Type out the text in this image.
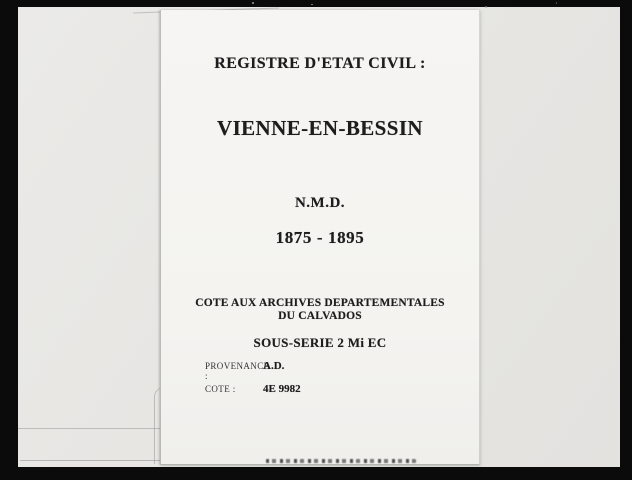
REGISTRE D'ETAT CIVIL :
VIENNE-EN-BESSIN
N.M.D.
1875 - 1895
COTE AUX ARCHIVES DEPARTEMENTALES
DU CALVADOS
SOUS-SERIE 2 Mi EC
PROVENANCE :
A.D.
COTE :	4E 9982
